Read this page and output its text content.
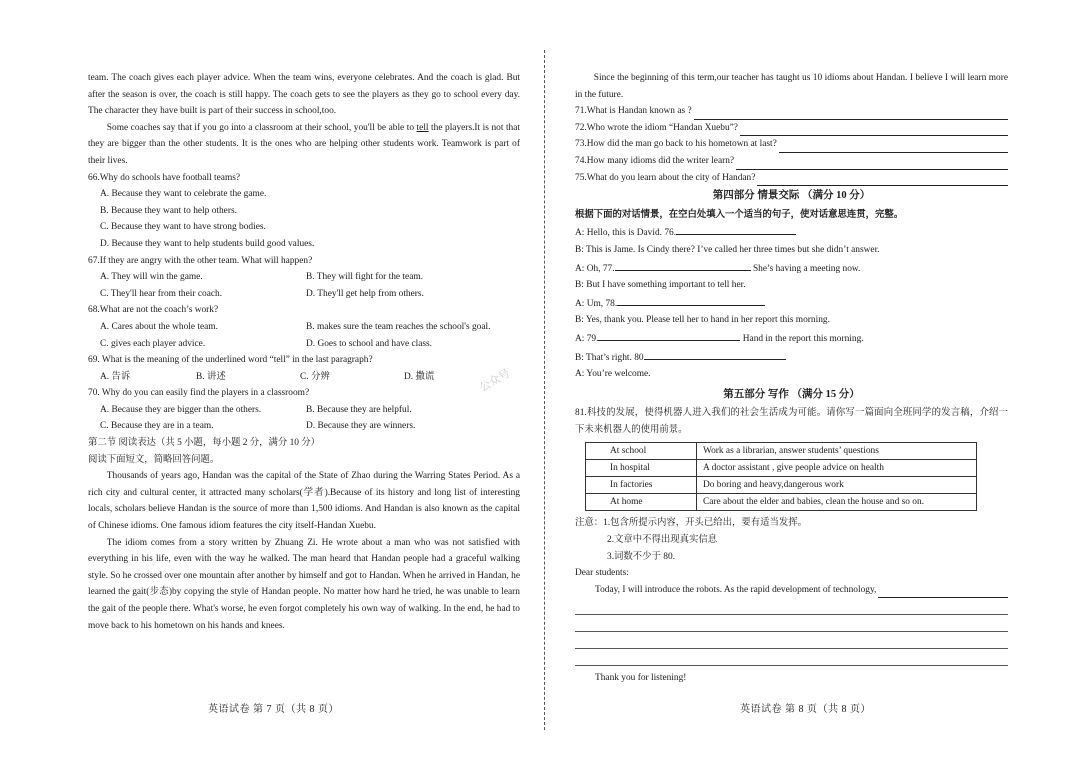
team. The coach gives each player advice. When the team wins, everyone celebrates. And the coach is glad. But after the season is over, the coach is still happy. The coach gets to see the players as they go to school every day. The character they have built is part of their success in school,too.

Some coaches say that if you go into a classroom at their school, you'll be able to tell the players.It is not that they are bigger than the other students. It is the ones who are helping other students work. Teamwork is part of their lives.

66.Why do schools have football teams?

A. Because they want to celebrate the game.

B. Because they want to help others.

C. Because they want to have strong bodies.

D. Because they want to help students build good values.

67.If they are angry with the other team. What will happen?

A. They will win the game.	B. They will fight for the team.
C. They'll hear from their coach.	D. They'll get help from others.

68.What are not the coach’s work?

A. Cares about the whole team.	B. makes sure the team reaches the school's goal.
C. gives each player advice.	D. Goes to school and have class.

69. What is the meaning of the underlined word “tell” in the last paragraph?

A. 告诉	B. 讲述	C. 分辨	D. 撒谎

70. Why do you can easily find the players in a classroom?

A. Because they are bigger than the others.	B. Because they are helpful.
C. Because they are in a team.	D. Because they are winners.

第二节 阅读表达（共 5 小题，每小题 2 分，满分 10 分）

阅读下面短文，简略回答问题。

Thousands of years ago, Handan was the capital of the State of Zhao during the Warring States Period. As a rich city and cultural center, it attracted many scholars(学者).Because of its history and long list of interesting locals, scholars believe Handan is the source of more than 1,500 idioms. And Handan is also known as the capital of Chinese idioms. One famous idiom features the city itself-Handan Xuebu.

The idiom comes from a story written by Zhuang Zi. He wrote about a man who was not satisfied with everything in his life, even with the way he walked. The man heard that Handan people had a graceful walking style. So he crossed over one mountain after another by himself and got to Handan. When he arrived in Handan, he learned the gait(步态)by copying the style of Handan people. No matter how hard he tried, he was unable to learn the gait of the people there. What's worse, he even forgot completely his own way of walking. In the end, he had to move back to his hometown on his hands and knees.

英语试卷 第 7 页（共 8 页）
公众号

Since the beginning of this term,our teacher has taught us 10 idioms about Handan. I believe I will learn more in the future.

71.What is Handan known as ?
72.Who wrote the idiom “Handan Xuebu”?
73.How did the man go back to his hometown at last?
74.How many idioms did the writer learn?
75.What do you learn about the city of Handan?

第四部分 情景交际 （满分 10 分）

根据下面的对话情景，在空白处填入一个适当的句子，使对话意思连贯，完整。

A: Hello, this is David. 76.

B: This is Jame. Is Cindy there? I’ve called her three times but she didn’t answer.

A: Oh, 77.	She’s having a meeting now.

B: But I have something important to tell her.

A: Um, 78.

B: Yes, thank you. Please tell her to hand in her report this morning.

A: 79.	Hand in the report this morning.

B: That’s right. 80

A: You’re welcome.

第五部分 写作 （满分 15 分）

81.科技的发展，使得机器人进入我们的社会生活成为可能。请你写一篇面向全班同学的发言稿，介绍一下未来机器人的使用前景。

At school	Work as a librarian, answer students’ questions
In hospital	A doctor assistant , give people advice on health
In factories	Do boring and heavy,dangerous work
At home	Care about the elder and babies, clean the house and so on.

注意：1.包含所提示内容，开头已给出，要有适当发挥。

2.文章中不得出现真实信息

3.词数不少于 80.

Dear students:

Today, I will introduce the robots. As the rapid development of technology,

Thank you for listening!

英语试卷 第 8 页（共 8 页）
